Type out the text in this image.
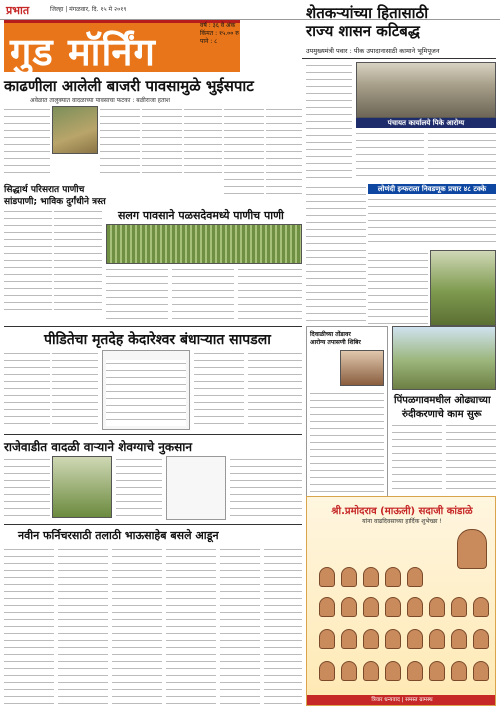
प्रभात	जिल्हा | मंगळवार, दि. १५ मे २०१९
गुड मॉर्निंग
वर्ष : ३६ वे अंक
किंमत : १५.०० रु
पाने : ८
शेतकऱ्यांच्या हितासाठी
राज्य शासन कटिबद्ध
उपमुख्यमंत्री पवार : पीक उपादानासाठी कामाने भूमिपूजन
काढणीला आलेली बाजरी पावसामुळे भुईसपाट
अवेळात तालुक्यात वादळाच्या पावसाचा फटका : बळीराजा हताश
पंचायत कार्यालये पिके आरोग्य
लोणंदी इन्फराला निवडणूक प्रचार ४८ टक्के
सिद्धार्थ परिसरात पाणीच
सांडपाणी; भाविक दुर्गंधीने त्रस्त
सलग पावसाने पळसदेवमध्ये पाणीच पाणी
पीडितेचा मृतदेह केदारेश्वर बंधाऱ्यात सापडला	दिवाळीच्या तोंडावर
आरोग्य तपासणी शिबिर
पिंपळगावमधील ओढ्याच्या
रुंदीकरणाचे काम सुरू
राजेवाडीत वादळी वाऱ्याने शेवग्याचे नुकसान
नवीन फर्निचरसाठी तलाठी भाऊसाहेब बसले आडून
श्री.प्रमोदराव (माऊली) सदाजी कांडाळे
यांना वाढदिवसाच्या हार्दिक शुभेच्छा !
त्रिवार धन्यवाद | समस्त ग्रामस्थ
